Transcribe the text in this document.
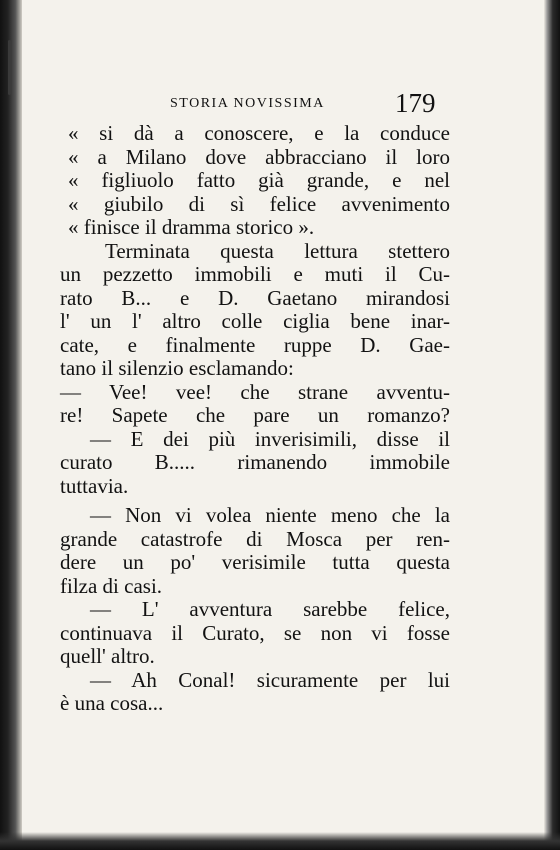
STORIA NOVISSIMA	179
« si dà a conoscere, e la conduce
« a Milano dove abbracciano il loro
« figliuolo fatto già grande, e nel
« giubilo di sì felice avvenimento
« finisce il dramma storico ».
Terminata questa lettura stettero
un pezzetto immobili e muti il Cu-
rato B... e D. Gaetano mirandosi
l' un l' altro colle ciglia bene inar-
cate, e finalmente ruppe D. Gae-
tano il silenzio esclamando:
— Vee! vee! che strane avventu-
re! Sapete che pare un romanzo?
— E dei più inverisimili, disse il
curato B..... rimanendo immobile
tuttavia.
— Non vi volea niente meno che la
grande catastrofe di Mosca per ren-
dere un po' verisimile tutta questa
filza di casi.
— L' avventura sarebbe felice,
continuava il Curato, se non vi fosse
quell' altro.
— Ah Conal! sicuramente per lui
è una cosa...
